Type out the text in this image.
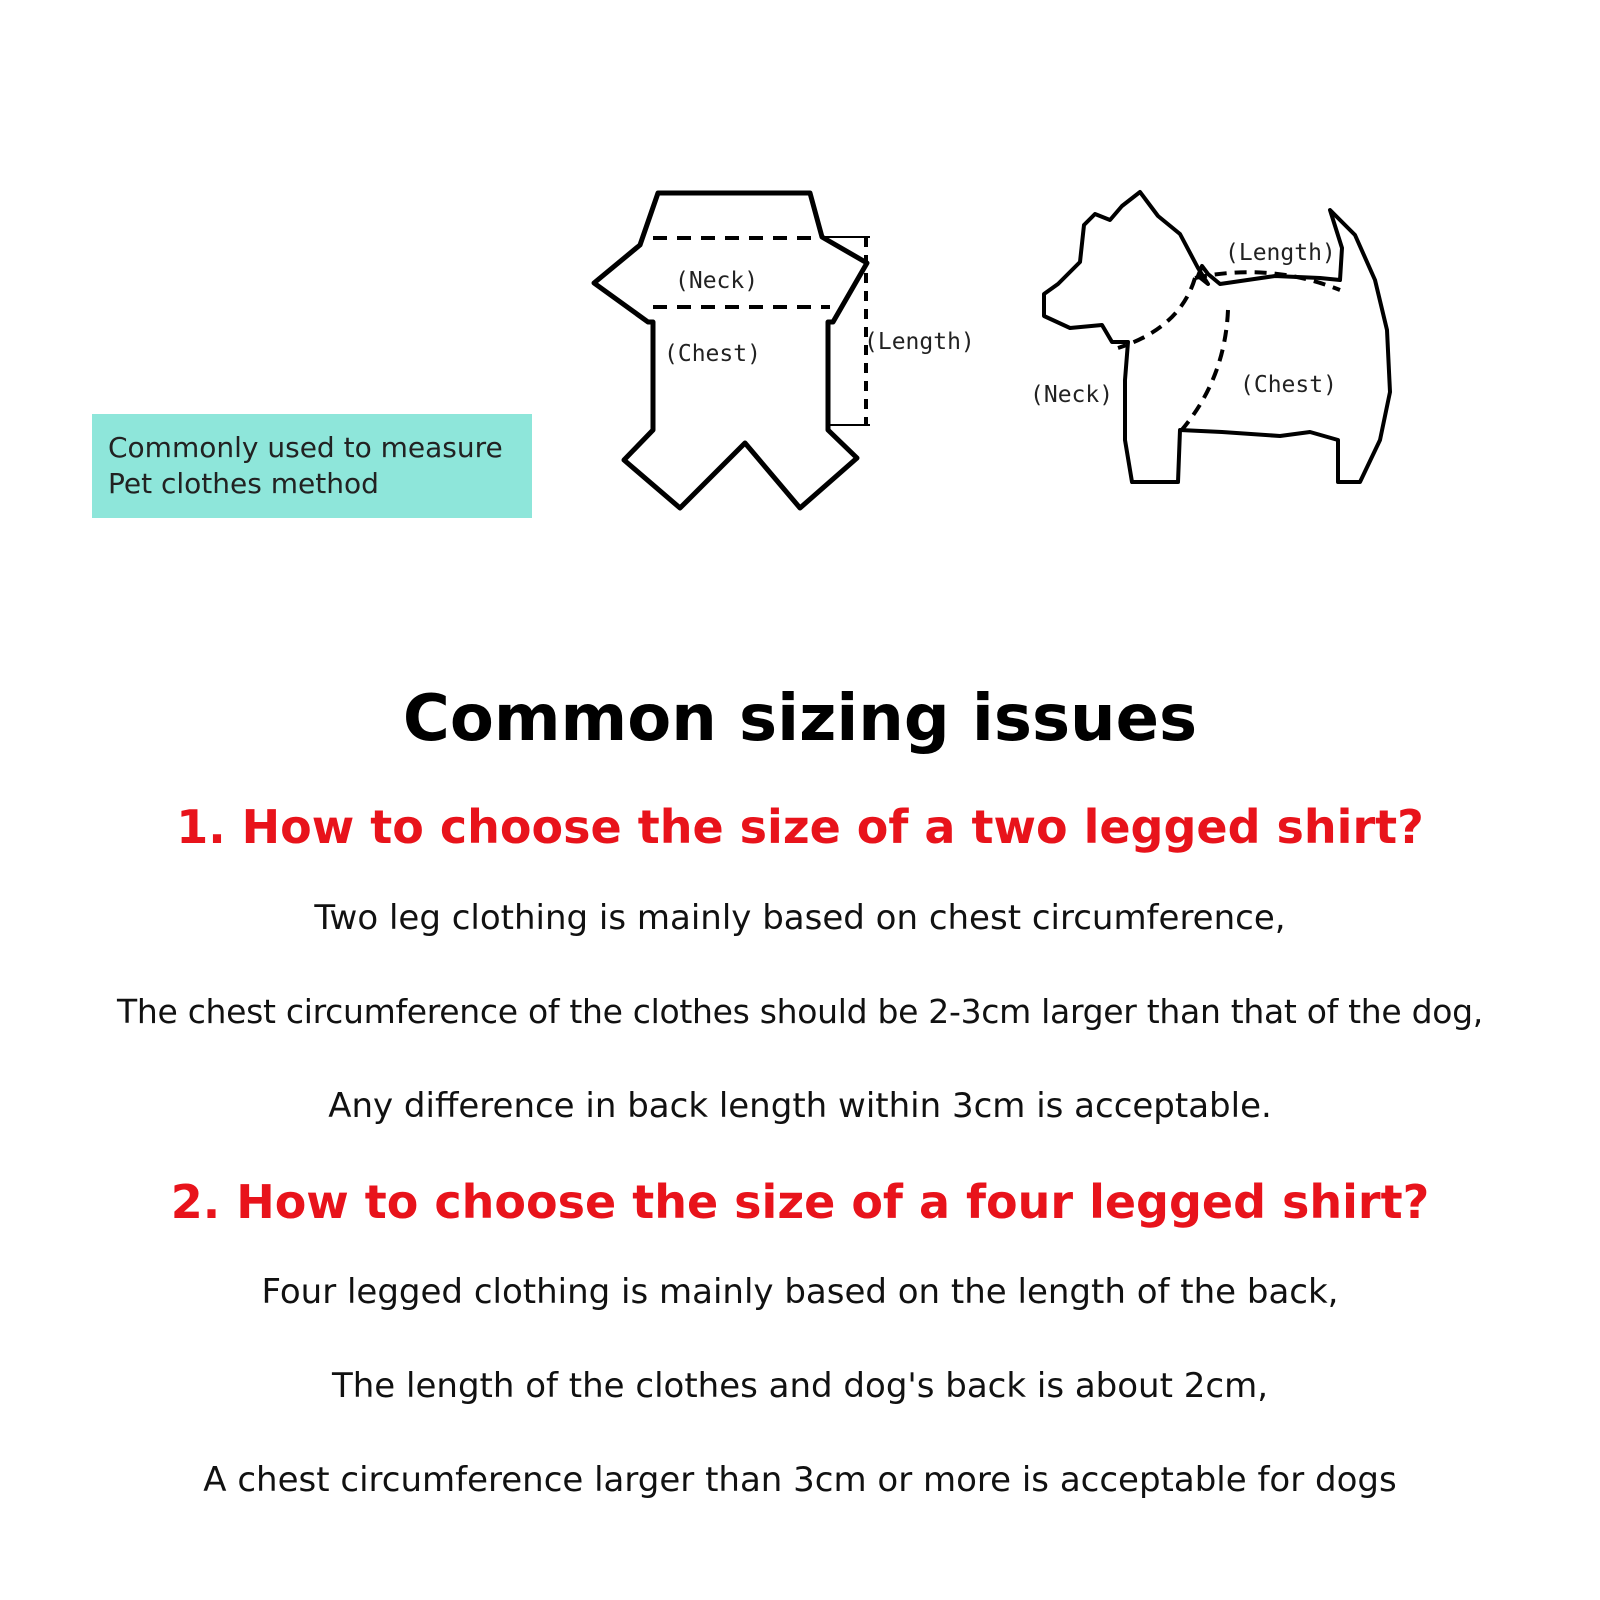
Commonly used to measure
Pet clothes method
(Neck)
(Chest)	(Length)
(Length)
(Neck)	(Chest)
Common sizing issues
1. How to choose the size of a two legged shirt?
Two leg clothing is mainly based on chest circumference,
The chest circumference of the clothes should be 2-3cm larger than that of the dog,
Any difference in back length within 3cm is acceptable.
2. How to choose the size of a four legged shirt?
Four legged clothing is mainly based on the length of the back,
The length of the clothes and dog's back is about 2cm,
A chest circumference larger than 3cm or more is acceptable for dogs
